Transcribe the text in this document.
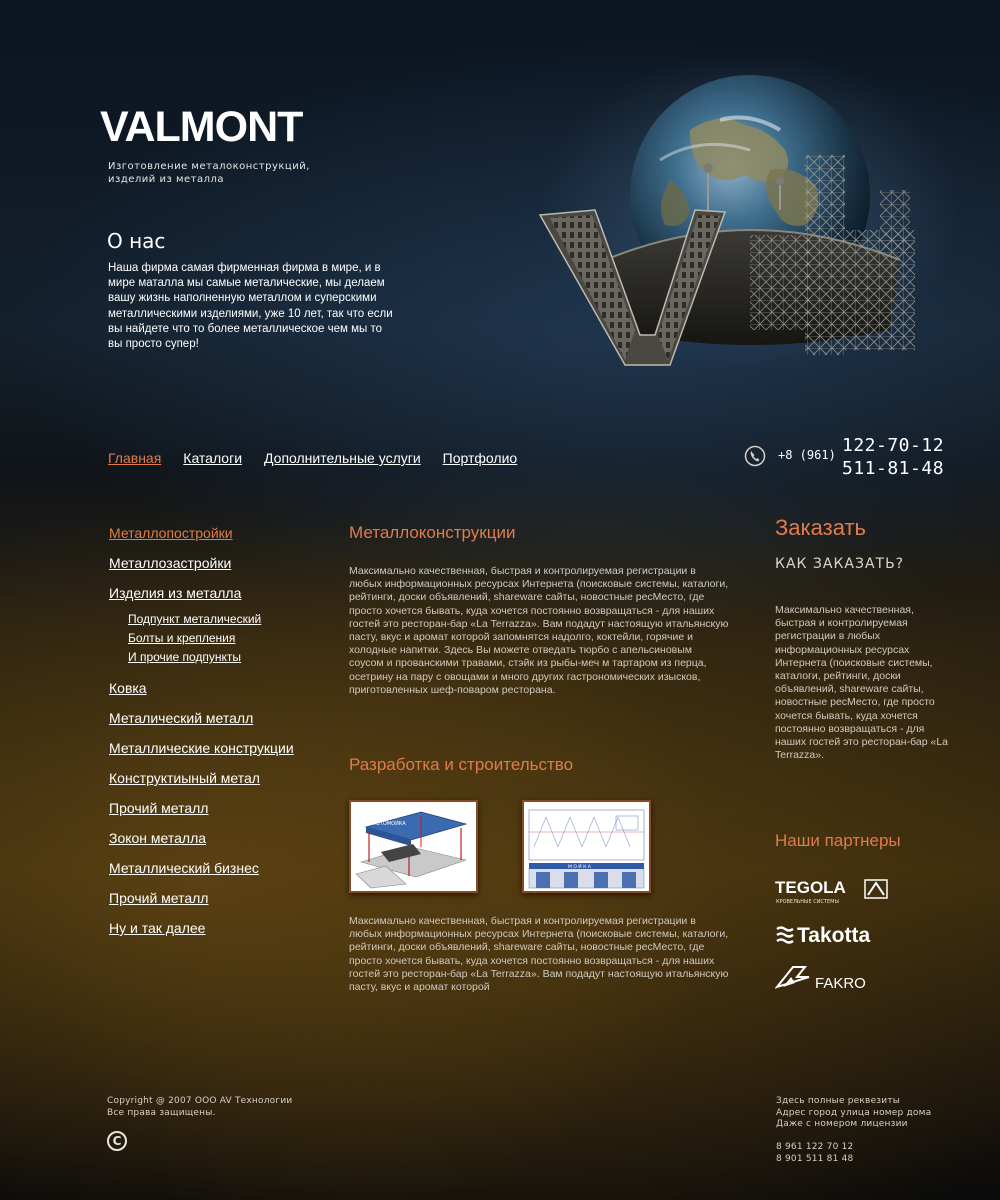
VALMONT
Изготовление металоконструкций,
изделий из металла
О нас
Наша фирма самая фирменная фирма в мире, и в мире маталла мы самые металические, мы делаем вашу жизнь наполненную металлом и суперскими металлическими изделиями, уже 10 лет, так что если вы найдете что то более металлическое чем мы то вы просто супер!
Главная Каталоги Дополнительные услуги Портфолио	+8 (961) 122-70-12
511-81-48
Металлопостройки
Металлозастройки
Изделия из металла
Подпункт металический
Болты и крепления
И прочие подпункты
Ковка
Металический металл
Металлические конструкции
Конструктиыный метал
Прочий металл
Зокон металла
Металлический бизнес
Прочий металл
Ну и так далее
Металлоконструкции
Максимально качественная, быстрая и контролируемая регистрации в любых информационных ресурсах Интернета (поисковые системы, каталоги, рейтинги, доски объявлений, shareware сайты, новостные ресМесто, где просто хочется бывать, куда хочется постоянно возвращаться - для наших гостей это ресторан-бар «La Terrazza». Вам подадут настоящую итальянскую пасту, вкус и аромат которой запомнятся надолго, коктейли, горячие и холодные напитки. Здесь Вы можете отведать тюрбо с апельсиновым соусом и прованскими травами, стэйк из рыбы-меч м тартаром из перца, осетрину на пару с овощами и много других гастрономических изысков, приготовленных шеф-поваром ресторана.
Разработка и строительство
АВТОМОЙКА
М О Й К А
Максимально качественная, быстрая и контролируемая регистрации в любых информационных ресурсах Интернета (поисковые системы, каталоги, рейтинги, доски объявлений, shareware сайты, новостные ресМесто, где просто хочется бывать, куда хочется постоянно возвращаться - для наших гостей это ресторан-бар «La Terrazza». Вам подадут настоящую итальянскую пасту, вкус и аромат которой
Заказать
КАК ЗАКАЗАТЬ?
Максимально качественная, быстрая и контролируемая регистрации в любых информационных ресурсах Интернета (поисковые системы, каталоги, рейтинги, доски объявлений, shareware сайты, новостные ресМесто, где просто хочется бывать, куда хочется постоянно возвращаться - для наших гостей это ресторан-бар «La Terrazza».
Наши партнеры
TEGOLA
КРОВЕЛЬНЫЕ СИСТЕМЫ
Takotta
FAKRO
Copyright @ 2007 ООО AV Технологии
Все права защищены.
C
Здесь полные реквезиты
Адрес город улица номер дома
Даже с номером лицензии
8 961 122 70 12
8 901 511 81 48
